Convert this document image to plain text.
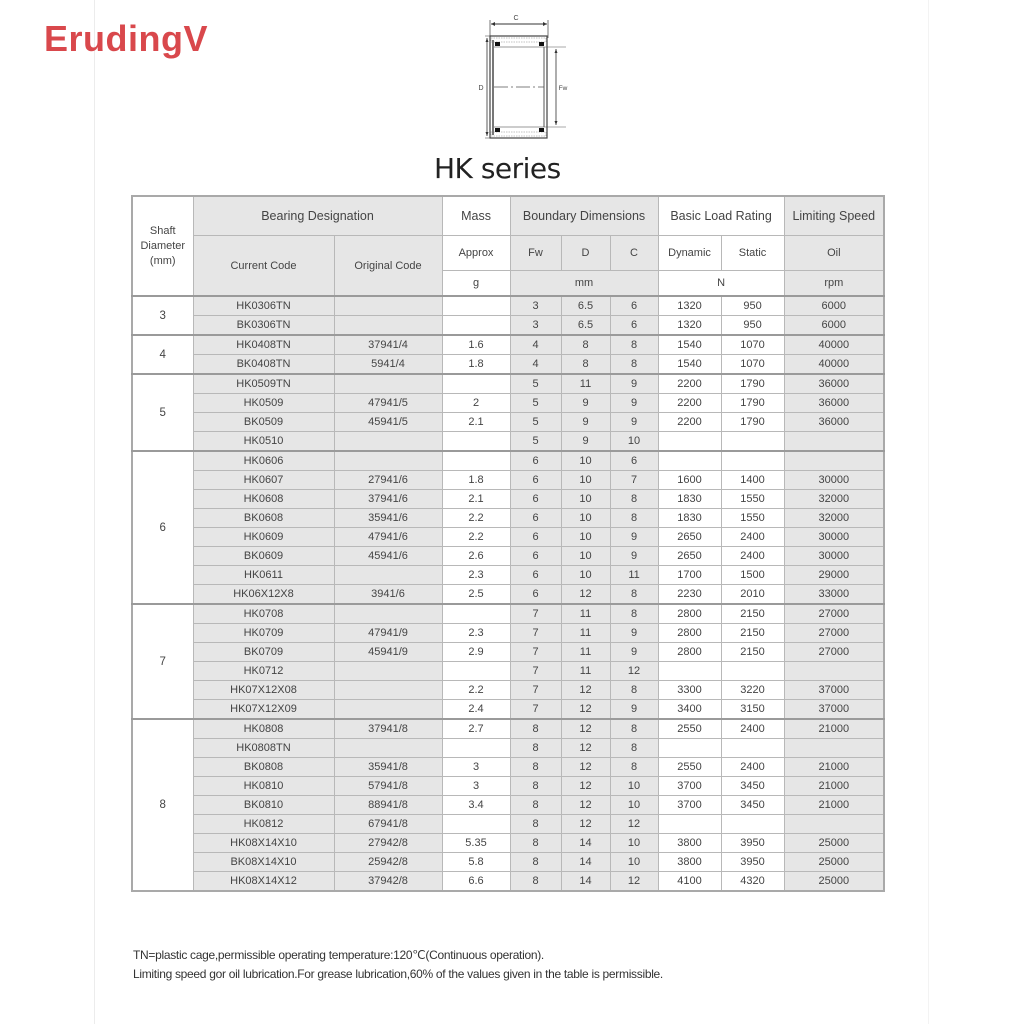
ErudingV	C
D	Fw
HK series
Shaft Diameter (mm)	Bearing Designation		Mass	Boundary Dimensions			Basic Load Rating		Limiting Speed
	Current Code	Original Code	Approx	Fw	D	C	Dynamic	Static	Oil
			g	mm			N		rpm
3	HK0306TN			3	6.5	6	1320	950	6000
	BK0306TN			3	6.5	6	1320	950	6000
4	HK0408TN	37941/4	1.6	4	8	8	1540	1070	40000
	BK0408TN	5941/4	1.8	4	8	8	1540	1070	40000
5	HK0509TN			5	11	9	2200	1790	36000
	HK0509	47941/5	2	5	9	9	2200	1790	36000
	BK0509	45941/5	2.1	5	9	9	2200	1790	36000
	HK0510			5	9	10			
6	HK0606			6	10	6			
	HK0607	27941/6	1.8	6	10	7	1600	1400	30000
	HK0608	37941/6	2.1	6	10	8	1830	1550	32000
	BK0608	35941/6	2.2	6	10	8	1830	1550	32000
	HK0609	47941/6	2.2	6	10	9	2650	2400	30000
	BK0609	45941/6	2.6	6	10	9	2650	2400	30000
	HK0611		2.3	6	10	11	1700	1500	29000
	HK06X12X8	3941/6	2.5	6	12	8	2230	2010	33000
7	HK0708			7	11	8	2800	2150	27000
	HK0709	47941/9	2.3	7	11	9	2800	2150	27000
	BK0709	45941/9	2.9	7	11	9	2800	2150	27000
	HK0712			7	11	12			
	HK07X12X08		2.2	7	12	8	3300	3220	37000
	HK07X12X09		2.4	7	12	9	3400	3150	37000
8	HK0808	37941/8	2.7	8	12	8	2550	2400	21000
	HK0808TN			8	12	8			
	BK0808	35941/8	3	8	12	8	2550	2400	21000
	HK0810	57941/8	3	8	12	10	3700	3450	21000
	BK0810	88941/8	3.4	8	12	10	3700	3450	21000
	HK0812	67941/8		8	12	12			
	HK08X14X10	27942/8	5.35	8	14	10	3800	3950	25000
	BK08X14X10	25942/8	5.8	8	14	10	3800	3950	25000
	HK08X14X12	37942/8	6.6	8	14	12	4100	4320	25000
TN=plastic cage,permissible operating temperature:120℃(Continuous operation).
Limiting speed gor oil lubrication.For grease lubrication,60% of the values given in the table is permissible.
